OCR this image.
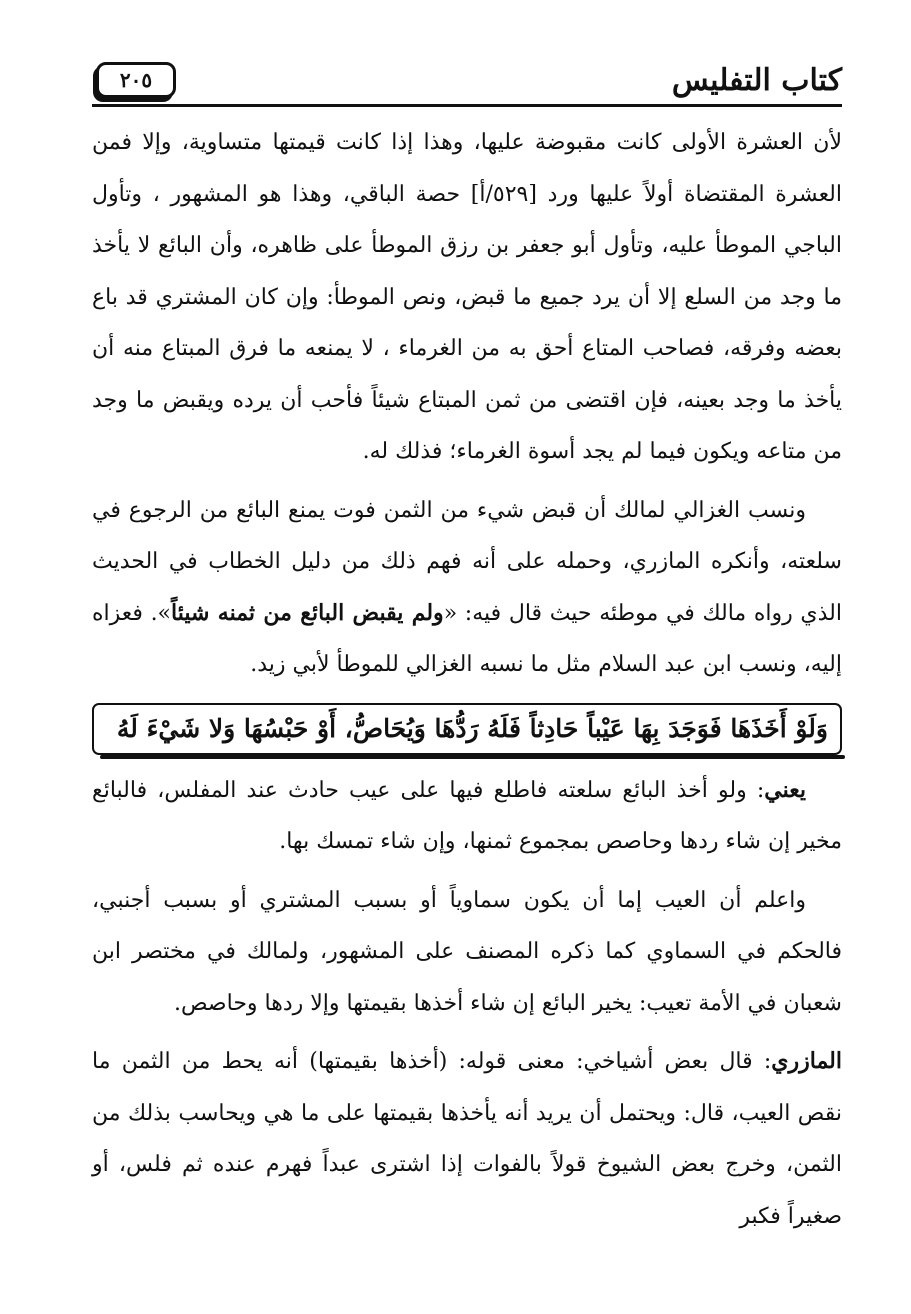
كتاب التفليس
٢٠٥

لأن العشرة الأولى كانت مقبوضة عليها، وهذا إذا كانت قيمتها متساوية، وإلا فمن العشرة المقتضاة أولاً عليها ورد [٥٢٩/أ] حصة الباقي، وهذا هو المشهور ، وتأول الباجي الموطأ عليه، وتأول أبو جعفر بن رزق الموطأ على ظاهره، وأن البائع لا يأخذ ما وجد من السلع إلا أن يرد جميع ما قبض، ونص الموطأ: وإن كان المشتري قد باع بعضه وفرقه، فصاحب المتاع أحق به من الغرماء ، لا يمنعه ما فرق المبتاع منه أن يأخذ ما وجد بعينه، فإن اقتضى من ثمن المبتاع شيئاً فأحب أن يرده ويقبض ما وجد من متاعه ويكون فيما لم يجد أسوة الغرماء؛ فذلك له.

ونسب الغزالي لمالك أن قبض شيء من الثمن فوت يمنع البائع من الرجوع في سلعته، وأنكره المازري، وحمله على أنه فهم ذلك من دليل الخطاب في الحديث الذي رواه مالك في موطئه حيث قال فيه: «ولم يقبض البائع من ثمنه شيئاً». فعزاه إليه، ونسب ابن عبد السلام مثل ما نسبه الغزالي للموطأ لأبي زيد.

وَلَوْ أَخَذَهَا فَوَجَدَ بِهَا عَيْباً حَادِثاً فَلَهُ رَدُّهَا وَيُحَاصُّ، أَوْ حَبْسُهَا وَلا شَيْءَ لَهُ

يعني: ولو أخذ البائع سلعته فاطلع فيها على عيب حادث عند المفلس، فالبائع مخير إن شاء ردها وحاصص بمجموع ثمنها، وإن شاء تمسك بها.

واعلم أن العيب إما أن يكون سماوياً أو بسبب المشتري أو بسبب أجنبي، فالحكم في السماوي كما ذكره المصنف على المشهور، ولمالك في مختصر ابن شعبان في الأمة تعيب: يخير البائع إن شاء أخذها بقيمتها وإلا ردها وحاصص.

المازري: قال بعض أشياخي: معنى قوله: (أخذها بقيمتها) أنه يحط من الثمن ما نقص العيب، قال: ويحتمل أن يريد أنه يأخذها بقيمتها على ما هي ويحاسب بذلك من الثمن، وخرج بعض الشيوخ قولاً بالفوات إذا اشترى عبداً فهرم عنده ثم فلس، أو صغيراً فكبر
